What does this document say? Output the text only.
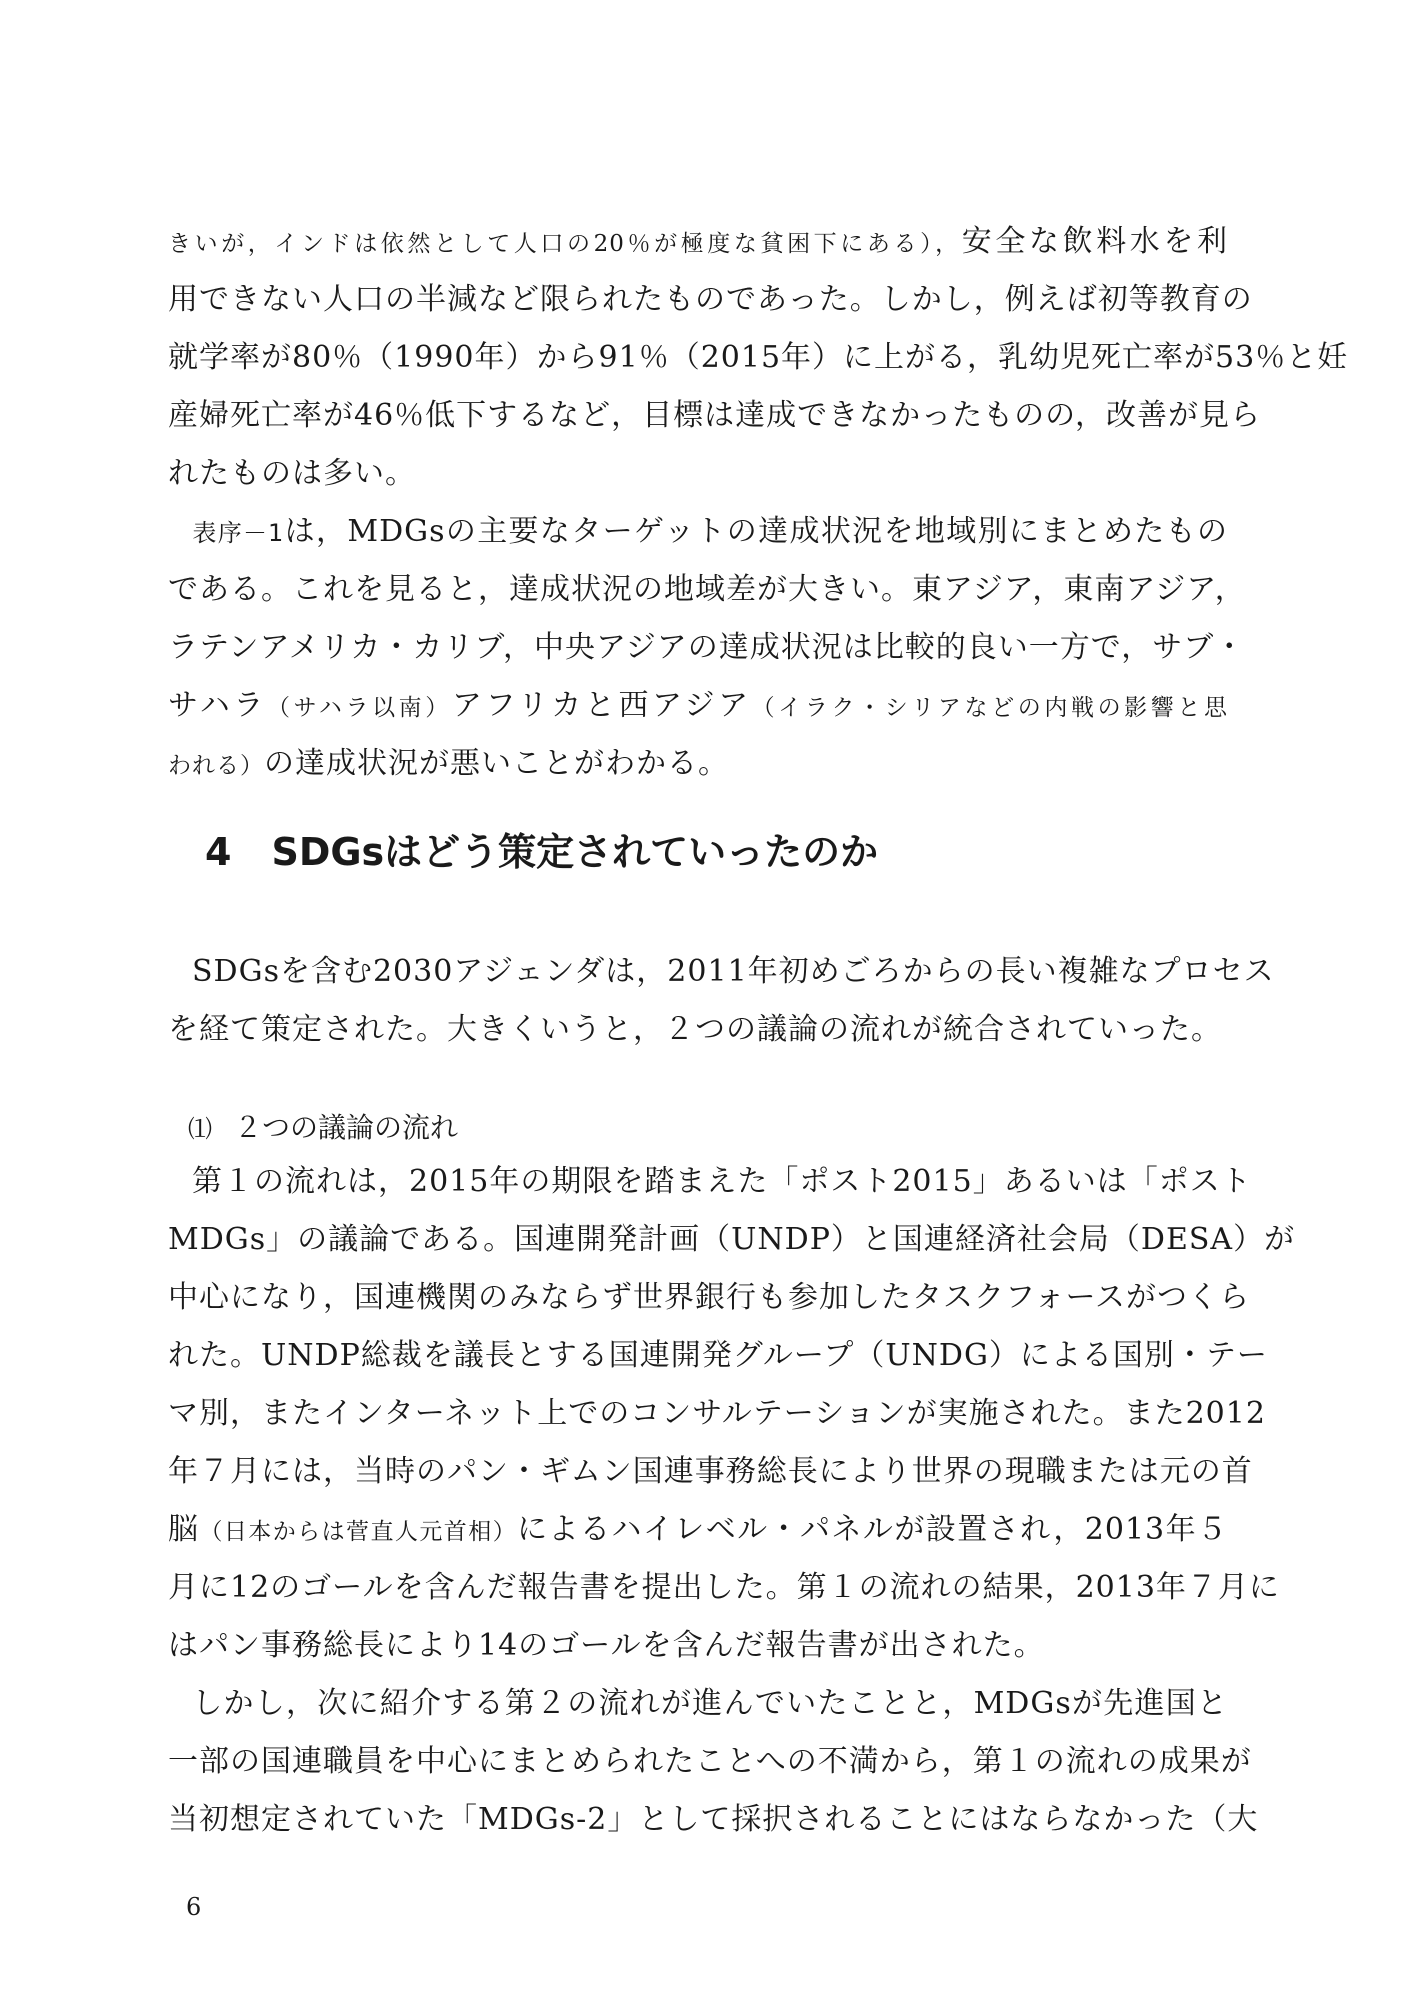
きいが，インドは依然として人口の20％が極度な貧困下にある），安全な飲料水を利
用できない人口の半減など限られたものであった。しかし，例えば初等教育の
就学率が80％（1990年）から91％（2015年）に上がる，乳幼児死亡率が53％と妊
産婦死亡率が46％低下するなど，目標は達成できなかったものの，改善が見ら
れたものは多い。
表序－1は，MDGsの主要なターゲットの達成状況を地域別にまとめたもの
である。これを見ると，達成状況の地域差が大きい。東アジア，東南アジア，
ラテンアメリカ・カリブ，中央アジアの達成状況は比較的良い一方で，サブ・
サハラ（サハラ以南）アフリカと西アジア（イラク・シリアなどの内戦の影響と思
われる）の達成状況が悪いことがわかる。
4 SDGsはどう策定されていったのか
SDGsを含む2030アジェンダは，2011年初めごろからの長い複雑なプロセス
を経て策定された。大きくいうと，２つの議論の流れが統合されていった。
⑴ ２つの議論の流れ
第１の流れは，2015年の期限を踏まえた「ポスト2015」あるいは「ポスト
MDGs」の議論である。国連開発計画（UNDP）と国連経済社会局（DESA）が
中心になり，国連機関のみならず世界銀行も参加したタスクフォースがつくら
れた。UNDP総裁を議長とする国連開発グループ（UNDG）による国別・テー
マ別，またインターネット上でのコンサルテーションが実施された。また2012
年７月には，当時のパン・ギムン国連事務総長により世界の現職または元の首
脳（日本からは菅直人元首相）によるハイレベル・パネルが設置され，2013年５
月に12のゴールを含んだ報告書を提出した。第１の流れの結果，2013年７月に
はパン事務総長により14のゴールを含んだ報告書が出された。
しかし，次に紹介する第２の流れが進んでいたことと，MDGsが先進国と
一部の国連職員を中心にまとめられたことへの不満から，第１の流れの成果が
当初想定されていた「MDGs-2」として採択されることにはならなかった（大
6
